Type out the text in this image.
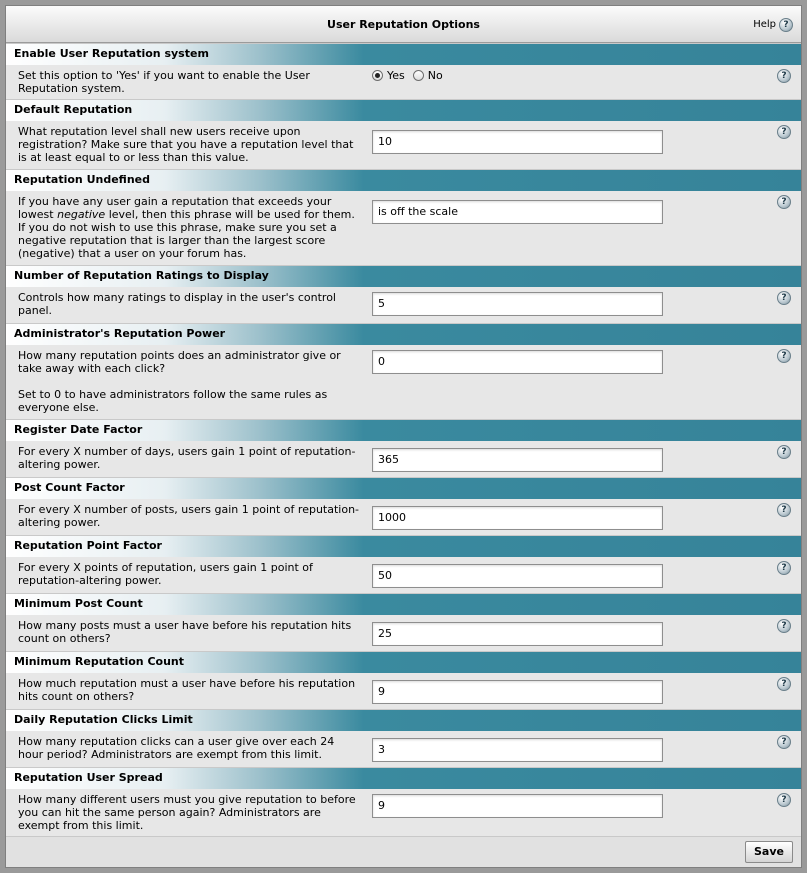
User Reputation Options	Help ?
Enable User Reputation system

Set this option to 'Yes' if you want to enable the User Reputation system.

Yes No	?
Default Reputation

What reputation level shall new users receive upon registration? Make sure that you have a reputation level that is at least equal to or less than this value.

10
?
Reputation Undefined

If you have any user gain a reputation that exceeds your lowest negative level, then this phrase will be used for them. If you do not wish to use this phrase, make sure you set a negative reputation that is larger than the largest score (negative) that a user on your forum has.

is off the scale
?
Number of Reputation Ratings to Display

Controls how many ratings to display in the user's control panel.

5	?
Administrator's Reputation Power

How many reputation points does an administrator give or take away with each click?

Set to 0 to have administrators follow the same rules as everyone else.

0	?
Register Date Factor

For every X number of days, users gain 1 point of reputation-altering power.	365
?
Post Count Factor

For every X number of posts, users gain 1 point of reputation-altering power.	1000
?
Reputation Point Factor

For every X points of reputation, users gain 1 point of reputation-altering power.	50
?
Minimum Post Count

How many posts must a user have before his reputation hits count on others?	25
?
Minimum Reputation Count

How much reputation must a user have before his reputation hits count on others?	9
?
Daily Reputation Clicks Limit

How many reputation clicks can a user give over each 24 hour period? Administrators are exempt from this limit.	3
?
Reputation User Spread

How many different users must you give reputation to before you can hit the same person again? Administrators are exempt from this limit.

9	?
Save
